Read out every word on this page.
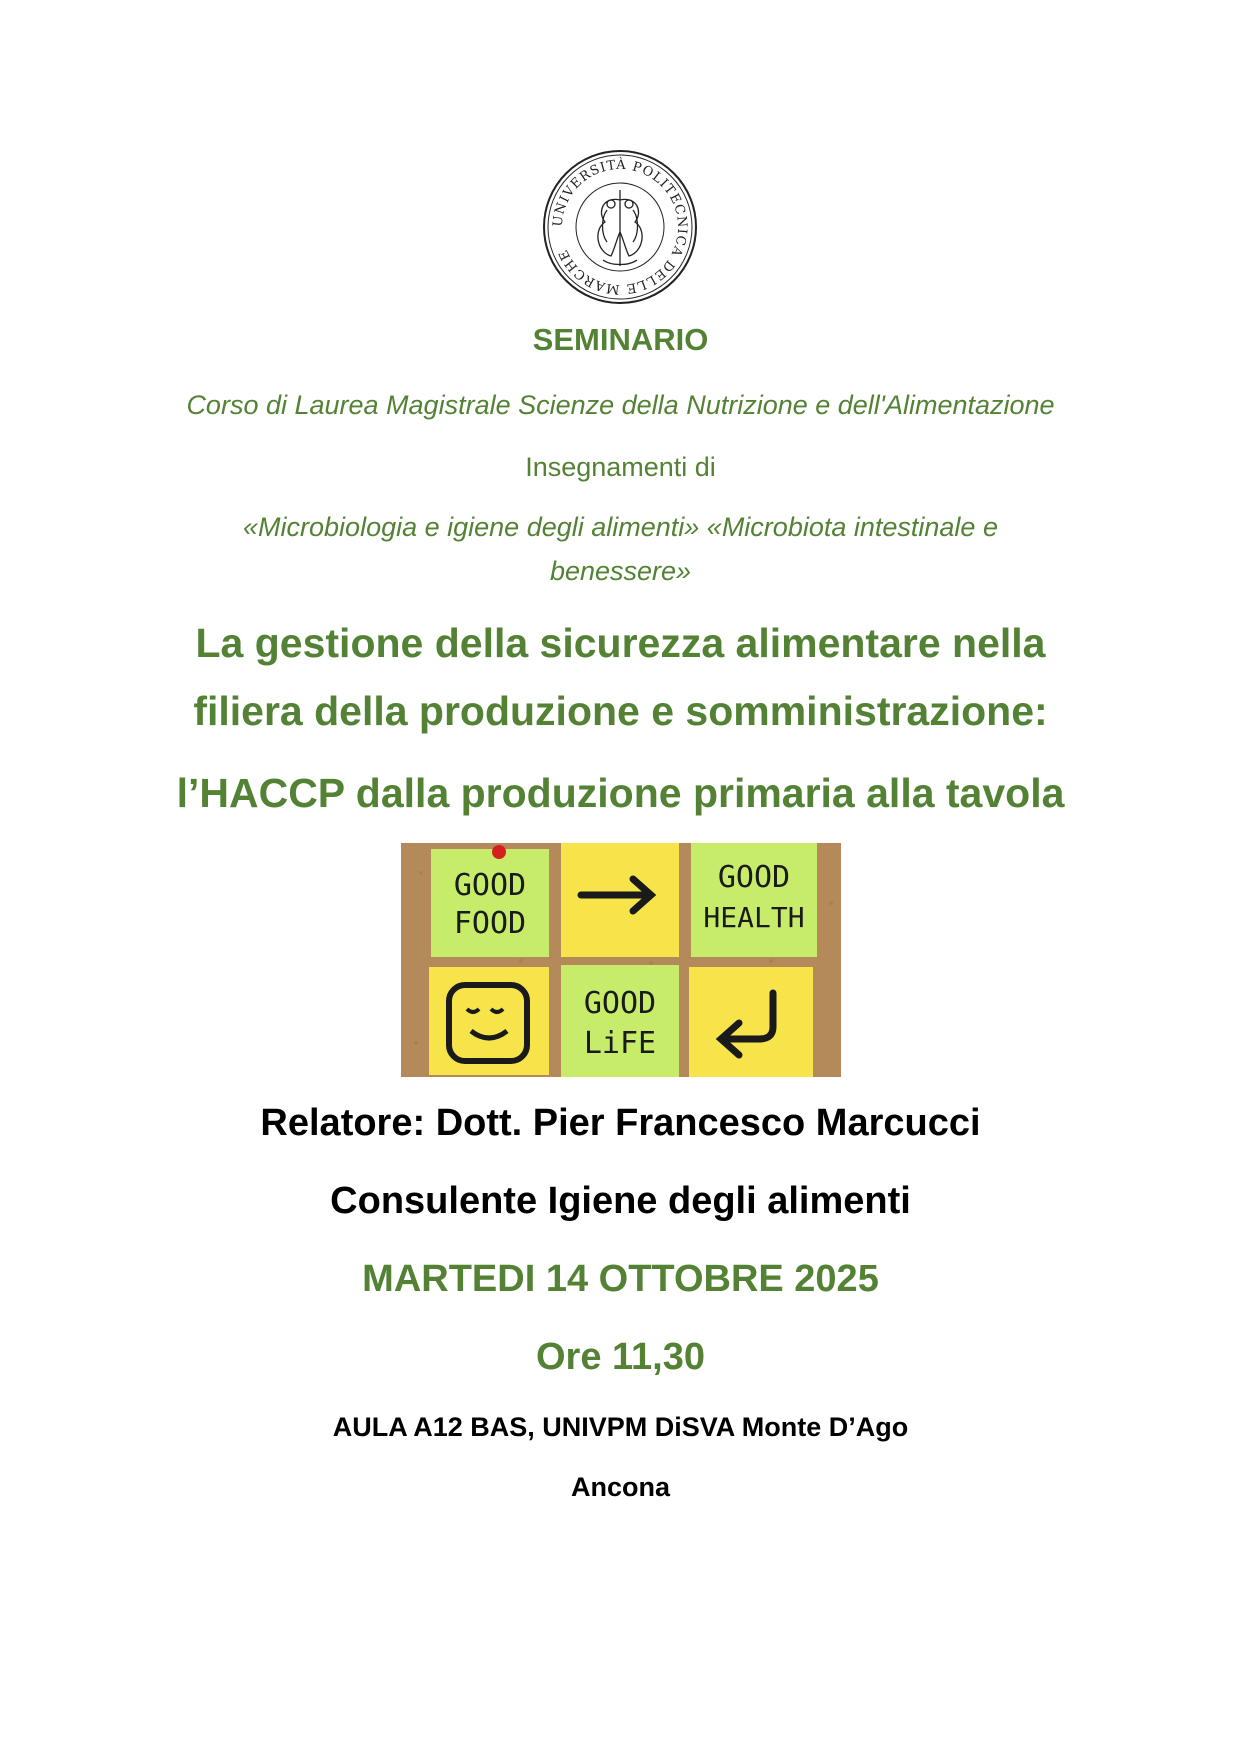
UNIVERSITÀ POLITECNICA DELLE MARCHE
SEMINARIO
Corso di Laurea Magistrale Scienze della Nutrizione e dell'Alimentazione
Insegnamenti di
«Microbiologia e igiene degli alimenti» «Microbiota intestinale e
benessere»
La gestione della sicurezza alimentare nella
filiera della produzione e somministrazione:
l’HACCP dalla produzione primaria alla tavola
GOOD
FOOD
GOOD
HEALTH
GOOD
LiFE
Relatore: Dott. Pier Francesco Marcucci
Consulente Igiene degli alimenti
MARTEDI 14 OTTOBRE 2025
Ore 11,30
AULA A12 BAS, UNIVPM DiSVA Monte D’Ago
Ancona
